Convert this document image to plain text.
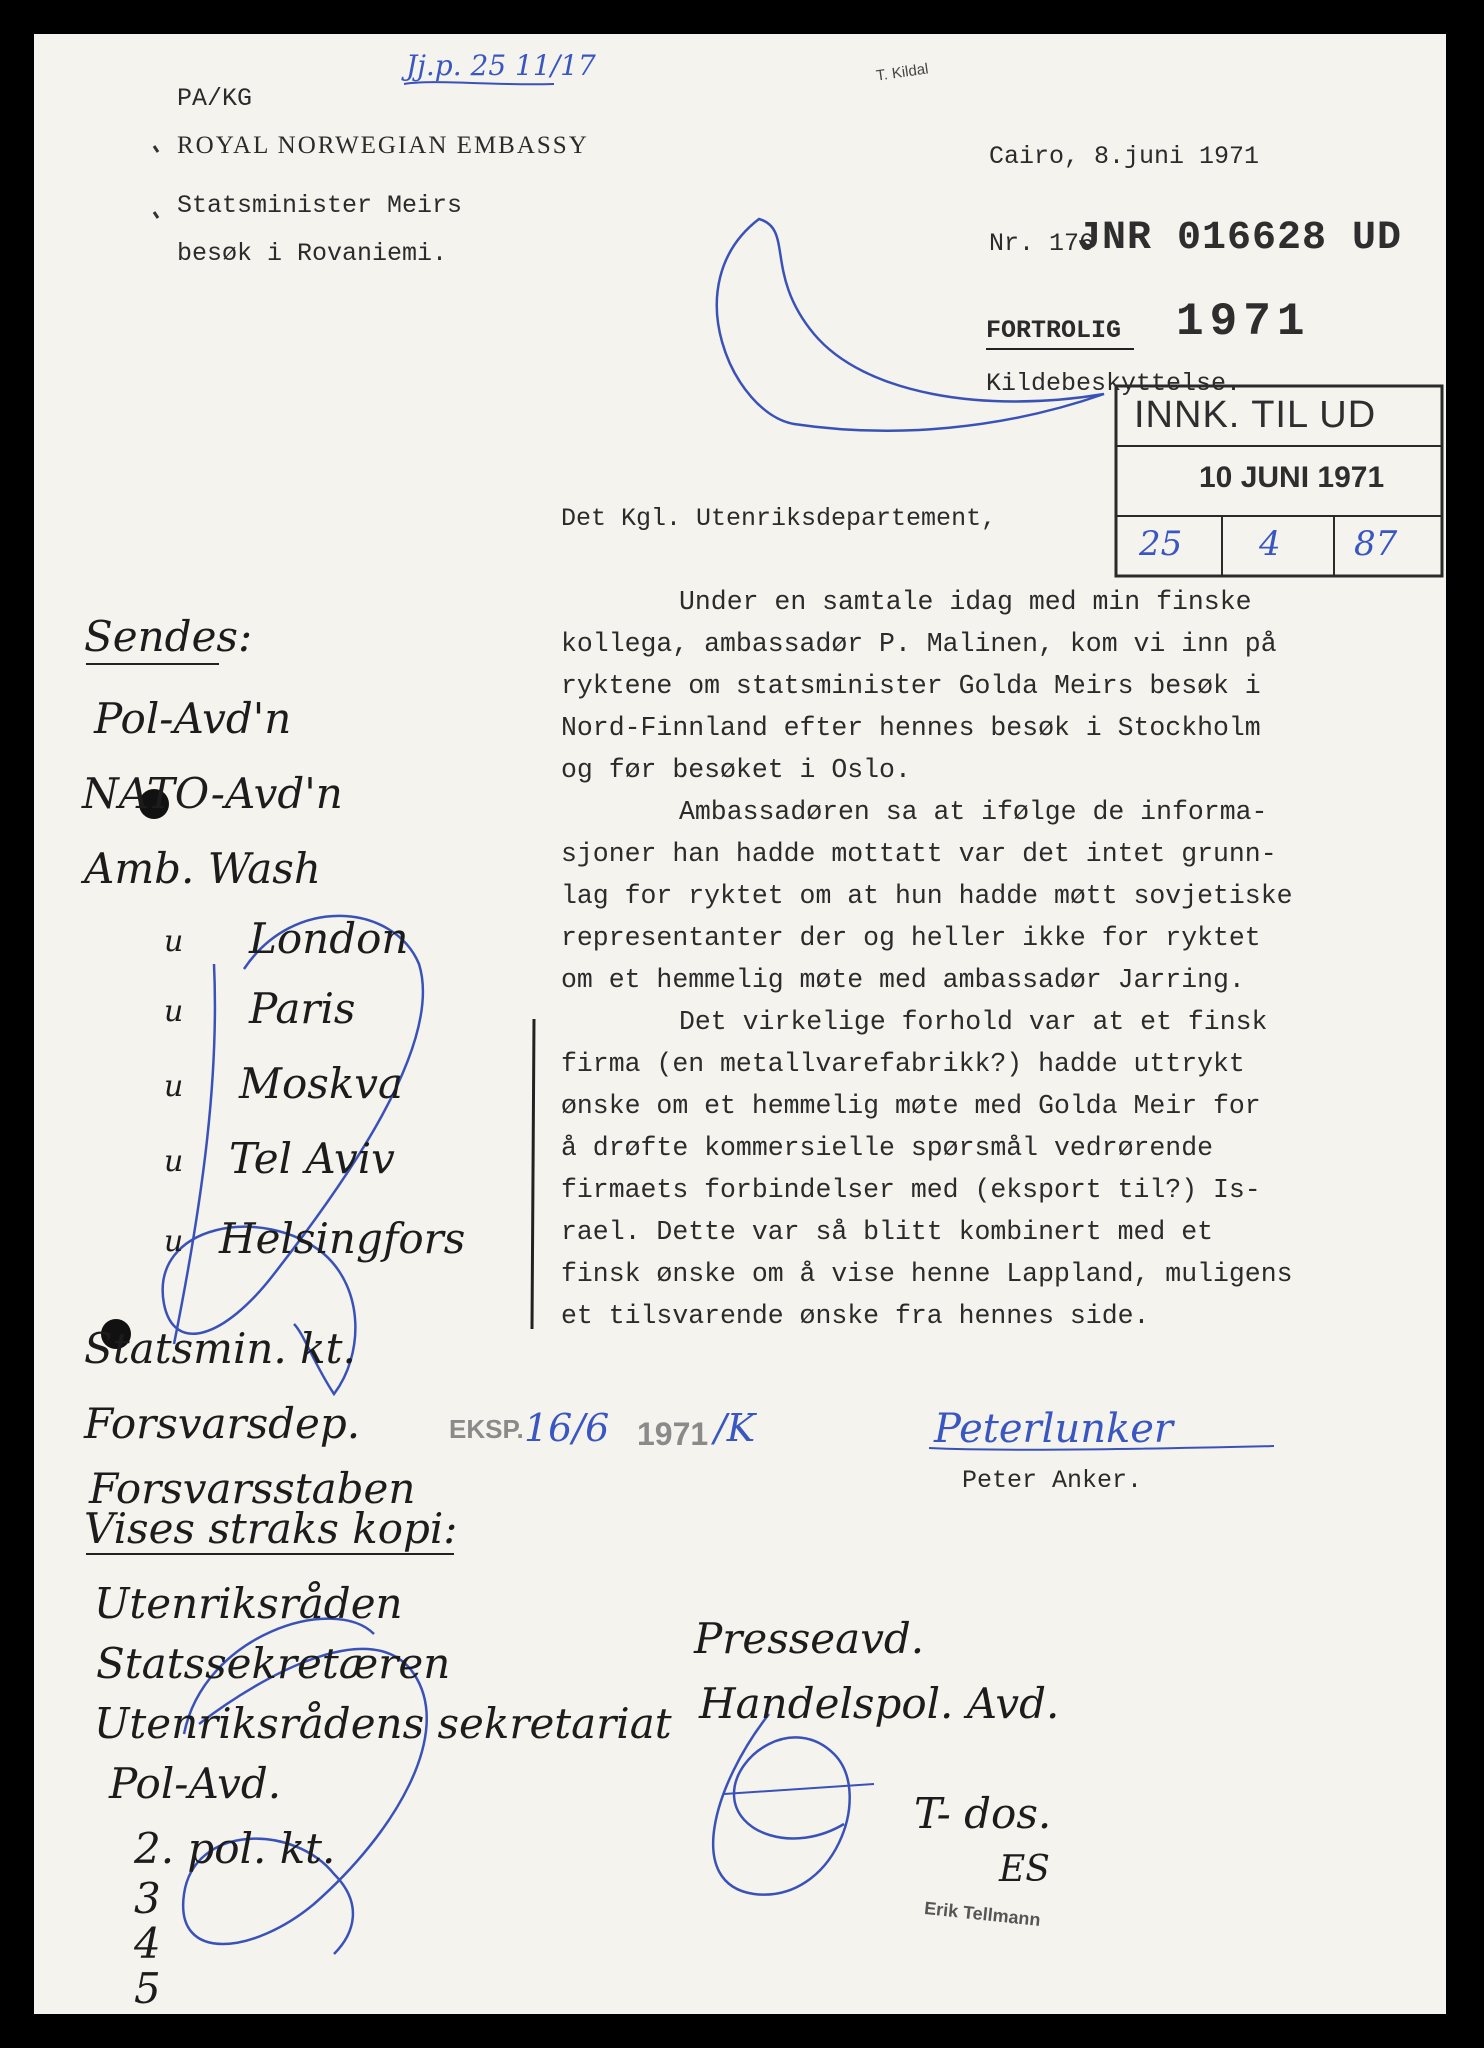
Jj.p. 25 11/17	T. Kildal
PA/KG
ROYAL NORWEGIAN EMBASSY
Statsminister Meirs
besøk i Rovaniemi.
Cairo, 8.juni 1971
Nr. 176
JNR 016628 UD
FORTROLIG 1971
Kildebeskyttelse.
INNK. TIL UD
10 JUNI 1971
25 4 87
Det Kgl. Utenriksdepartement,
Under en samtale idag med min finske
kollega, ambassadør P. Malinen, kom vi inn på
ryktene om statsminister Golda Meirs besøk i
Nord-Finnland efter hennes besøk i Stockholm
og før besøket i Oslo.
Ambassadøren sa at ifølge de informa-
sjoner han hadde mottatt var det intet grunn-
lag for ryktet om at hun hadde møtt sovjetiske
representanter der og heller ikke for ryktet
om et hemmelig møte med ambassadør Jarring.
Det virkelige forhold var at et finsk
firma (en metallvarefabrikk?) hadde uttrykt
ønske om et hemmelig møte med Golda Meir for
å drøfte kommersielle spørsmål vedrørende
firmaets forbindelser med (eksport til?) Is-
rael. Dette var så blitt kombinert med et
finsk ønske om å vise henne Lappland, muligens
et tilsvarende ønske fra hennes side.
Peterlunker
Peter Anker.
EKSP. 16/6 1971 /K
Sendes:
Pol-Avd'n
NATO-Avd'n
Amb. Wash
London
Paris
Moskva
Tel Aviv
Helsingfors
Statsmin. kt.
Forsvarsdep.
Forsvarsstaben
Vises straks kopi:
Utenriksråden
Statssekretæren
Utenriksrådens sekretariat
Pol-Avd.
2. pol. kt.
3
4
5
u
u
u
u
u
Presseavd.
Handelspol. Avd.
T- dos.
ES
Erik Tellmann
